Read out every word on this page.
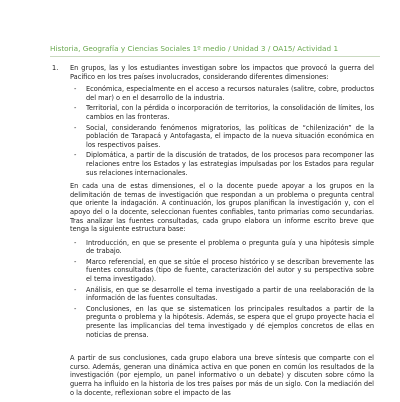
Historia, Geografía y Ciencias Sociales 1º medio / Unidad 3 / OA15/ Actividad 1
1. En grupos, las y los estudiantes investigan sobre los impactos que provocó la guerra del Pacífico en los tres países involucrados, considerando diferentes dimensiones:

- Económica, especialmente en el acceso a recursos naturales (salitre, cobre, productos del mar) o en el desarrollo de la industria.
- Territorial, con la pérdida o incorporación de territorios, la consolidación de límites, los cambios en las fronteras.
- Social, considerando fenómenos migratorios, las políticas de “chilenización” de la población de Tarapacá y Antofagasta, el impacto de la nueva situación económica en los respectivos países.
- Diplomática, a partir de la discusión de tratados, de los procesos para recomponer las relaciones entre los Estados y las estrategias impulsadas por los Estados para regular sus relaciones internacionales.

En cada una de estas dimensiones, el o la docente puede apoyar a los grupos en la delimitación de temas de investigación que respondan a un problema o pregunta central que oriente la indagación. A continuación, los grupos planifican la investigación y, con el apoyo del o la docente, seleccionan fuentes confiables, tanto primarias como secundarias. Tras analizar las fuentes consultadas, cada grupo elabora un informe escrito breve que tenga la siguiente estructura base:

- Introducción, en que se presente el problema o pregunta guía y una hipótesis simple de trabajo.
- Marco referencial, en que se sitúe el proceso histórico y se describan brevemente las fuentes consultadas (tipo de fuente, caracterización del autor y su perspectiva sobre el tema investigado).
- Análisis, en que se desarrolle el tema investigado a partir de una reelaboración de la información de las fuentes consultadas.
- Conclusiones, en las que se sistematicen los principales resultados a partir de la pregunta o problema y la hipótesis. Además, se espera que el grupo proyecte hacia el presente las implicancias del tema investigado y dé ejemplos concretos de ellas en noticias de prensa.

A partir de sus conclusiones, cada grupo elabora una breve síntesis que comparte con el curso. Además, generan una dinámica activa en que ponen en común los resultados de la investigación (por ejemplo, un panel informativo o un debate) y discuten sobre cómo la guerra ha influido en la historia de los tres países por más de un siglo. Con la mediación del o la docente, reflexionan sobre el impacto de las
